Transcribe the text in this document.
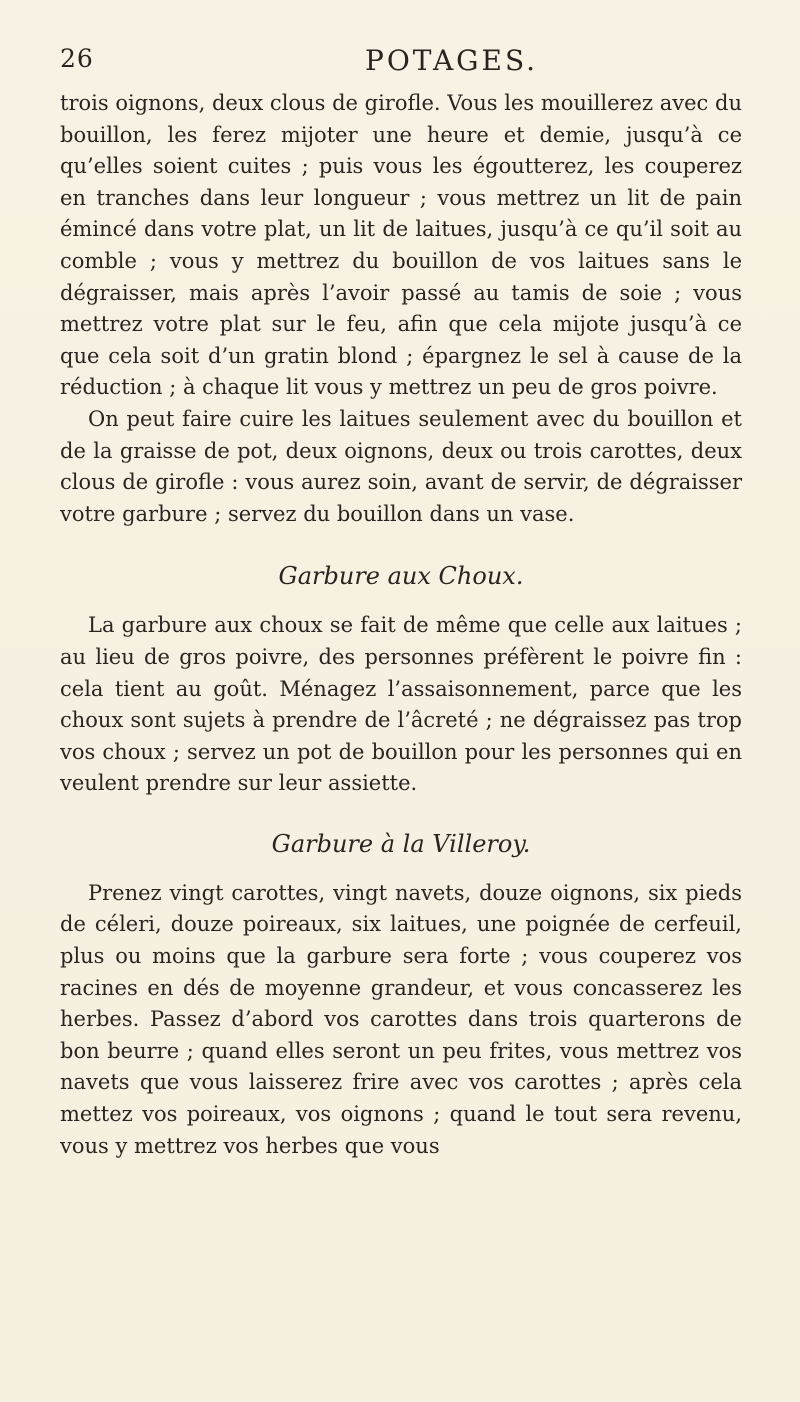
26	POTAGES.

trois oignons, deux clous de girofle. Vous les mouillerez avec du bouillon, les ferez mijoter une heure et demie, jusqu’à ce qu’elles soient cuites ; puis vous les égoutterez, les couperez en tranches dans leur longueur ; vous mettrez un lit de pain émincé dans votre plat, un lit de laitues, jusqu’à ce qu’il soit au comble ; vous y mettrez du bouillon de vos laitues sans le dégraisser, mais après l’avoir passé au tamis de soie ; vous mettrez votre plat sur le feu, afin que cela mijote jusqu’à ce que cela soit d’un gratin blond ; épargnez le sel à cause de la réduction ; à chaque lit vous y mettrez un peu de gros poivre.

On peut faire cuire les laitues seulement avec du bouillon et de la graisse de pot, deux oignons, deux ou trois carottes, deux clous de girofle : vous aurez soin, avant de servir, de dégraisser votre garbure ; servez du bouillon dans un vase.

Garbure aux Choux.

La garbure aux choux se fait de même que celle aux laitues ; au lieu de gros poivre, des personnes préfèrent le poivre fin : cela tient au goût. Ménagez l’assaisonnement, parce que les choux sont sujets à prendre de l’âcreté ; ne dégraissez pas trop vos choux ; servez un pot de bouillon pour les personnes qui en veulent prendre sur leur assiette.

Garbure à la Villeroy.

Prenez vingt carottes, vingt navets, douze oignons, six pieds de céleri, douze poireaux, six laitues, une poignée de cerfeuil, plus ou moins que la garbure sera forte ; vous couperez vos racines en dés de moyenne grandeur, et vous concasserez les herbes. Passez d’abord vos carottes dans trois quarterons de bon beurre ; quand elles seront un peu frites, vous mettrez vos navets que vous laisserez frire avec vos carottes ; après cela mettez vos poireaux, vos oignons ; quand le tout sera revenu, vous y mettrez vos herbes que vous
